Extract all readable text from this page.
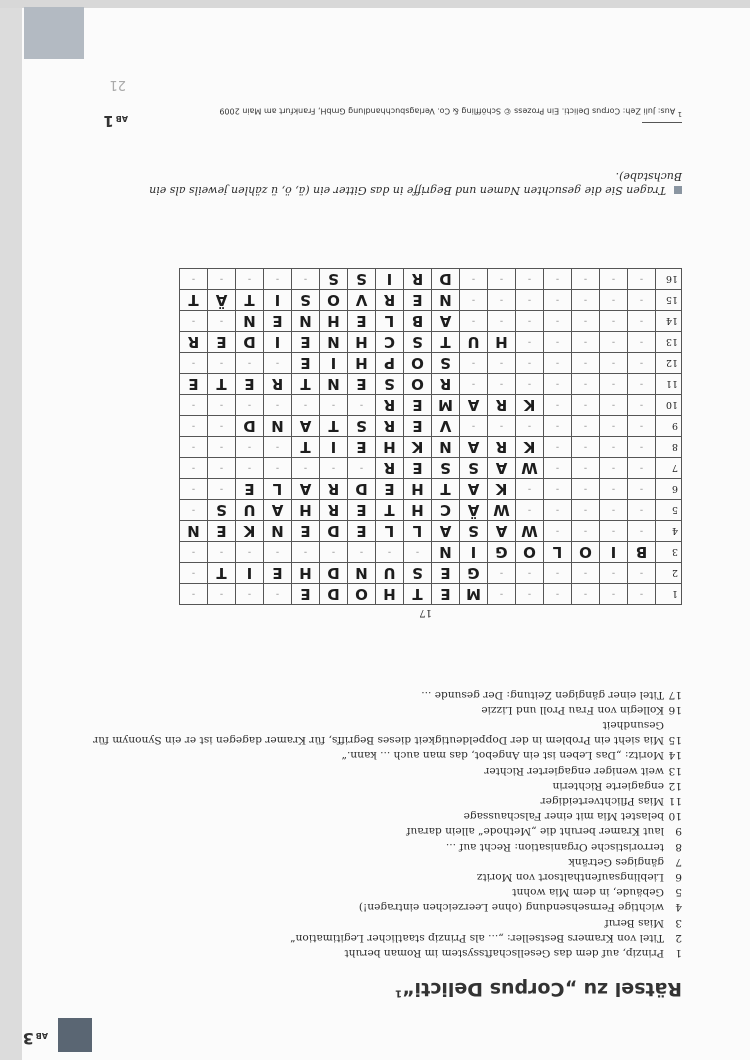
AB3
Rätsel zu „Corpus Delicti“$^1$
1
Prinzip, auf dem das Gesellschaftssystem im Roman beruht
2
Titel von Kramers Bestseller: „... als Prinzip staatlicher Legitimation“
3
Mias Beruf
4
wichtige Fernsehsendung (ohne Leerzeichen eintragen!)
5
Gebäude, in dem Mia wohnt
6
Lieblingsaufenthaltsort von Moritz
7
gängiges Getränk
8
terroristische Organisation: Recht auf ...
9
laut Kramer beruht die „Methode“ allein darauf
10
belastet Mia mit einer Falschaussage
11
Mias Pflichtverteidiger
12
engagierte Richterin
13
weit weniger engagierter Richter
14
Moritz: „Das Leben ist ein Angebot, das man auch ... kann.“
15
Mia sieht ein Problem in der Doppeldeutigkeit dieses Begriffs, für Kramer dagegen ist er ein Synonym für Gesundheit
16
Kollegin von Frau Proll und Lizzie
17
Titel einer gängigen Zeitung: Der gesunde ...
17
1	-	-	-	-	-	-	M	E	T	H	O	D	E	-	-	-	-
2	-	-	-	-	-	-	G	E	S	U	N	D	H	E	I	T	-
3	B	I	O	L	O	G	I	N	-	-	-	-	-	-	-	-	-
4	-	-	-	-	W	A	S	A	L	L	E	D	E	N	K	E	N
5	-	-	-	-	-	W	Ä	C	H	T	E	R	H	A	U	S	-
6	-	-	-	-	-	K	A	T	H	E	D	R	A	L	E	-	-
7	-	-	-	-	W	A	S	S	E	R	-	-	-	-	-	-	-
8	-	-	-	-	K	R	A	N	K	H	E	I	T	-	-	-	-
9	-	-	-	-	-	-	-	V	E	R	S	T	A	N	D	-	-
10	-	-	-	-	K	R	A	M	E	R	-	-	-	-	-	-	-
11	-	-	-	-	-	-	-	R	O	S	E	N	T	R	E	T	E
12	-	-	-	-	-	-	-	S	O	P	H	I	E	-	-	-	-
13	-	-	-	-	-	H	U	T	S	C	H	N	E	I	D	E	R
14	-	-	-	-	-	-	-	A	B	L	E	H	N	E	N	-	-
15	-	-	-	-	-	-	-	N	E	R	V	O	S	I	T	Ä	T
16	-	-	-	-	-	-	-	D	R	I	S	S	-	-	-	-	-
Tragen Sie die gesuchten Namen und Begriffe in das Gitter ein (ä, ö, ü zählen jeweils als ein Buchstabe).
$^1$ Aus: Juli Zeh: Corpus Delicti. Ein Prozess © Schöffling & Co. Verlagsbuchhandlung GmbH, Frankfurt am Main 2009
AB1
21
